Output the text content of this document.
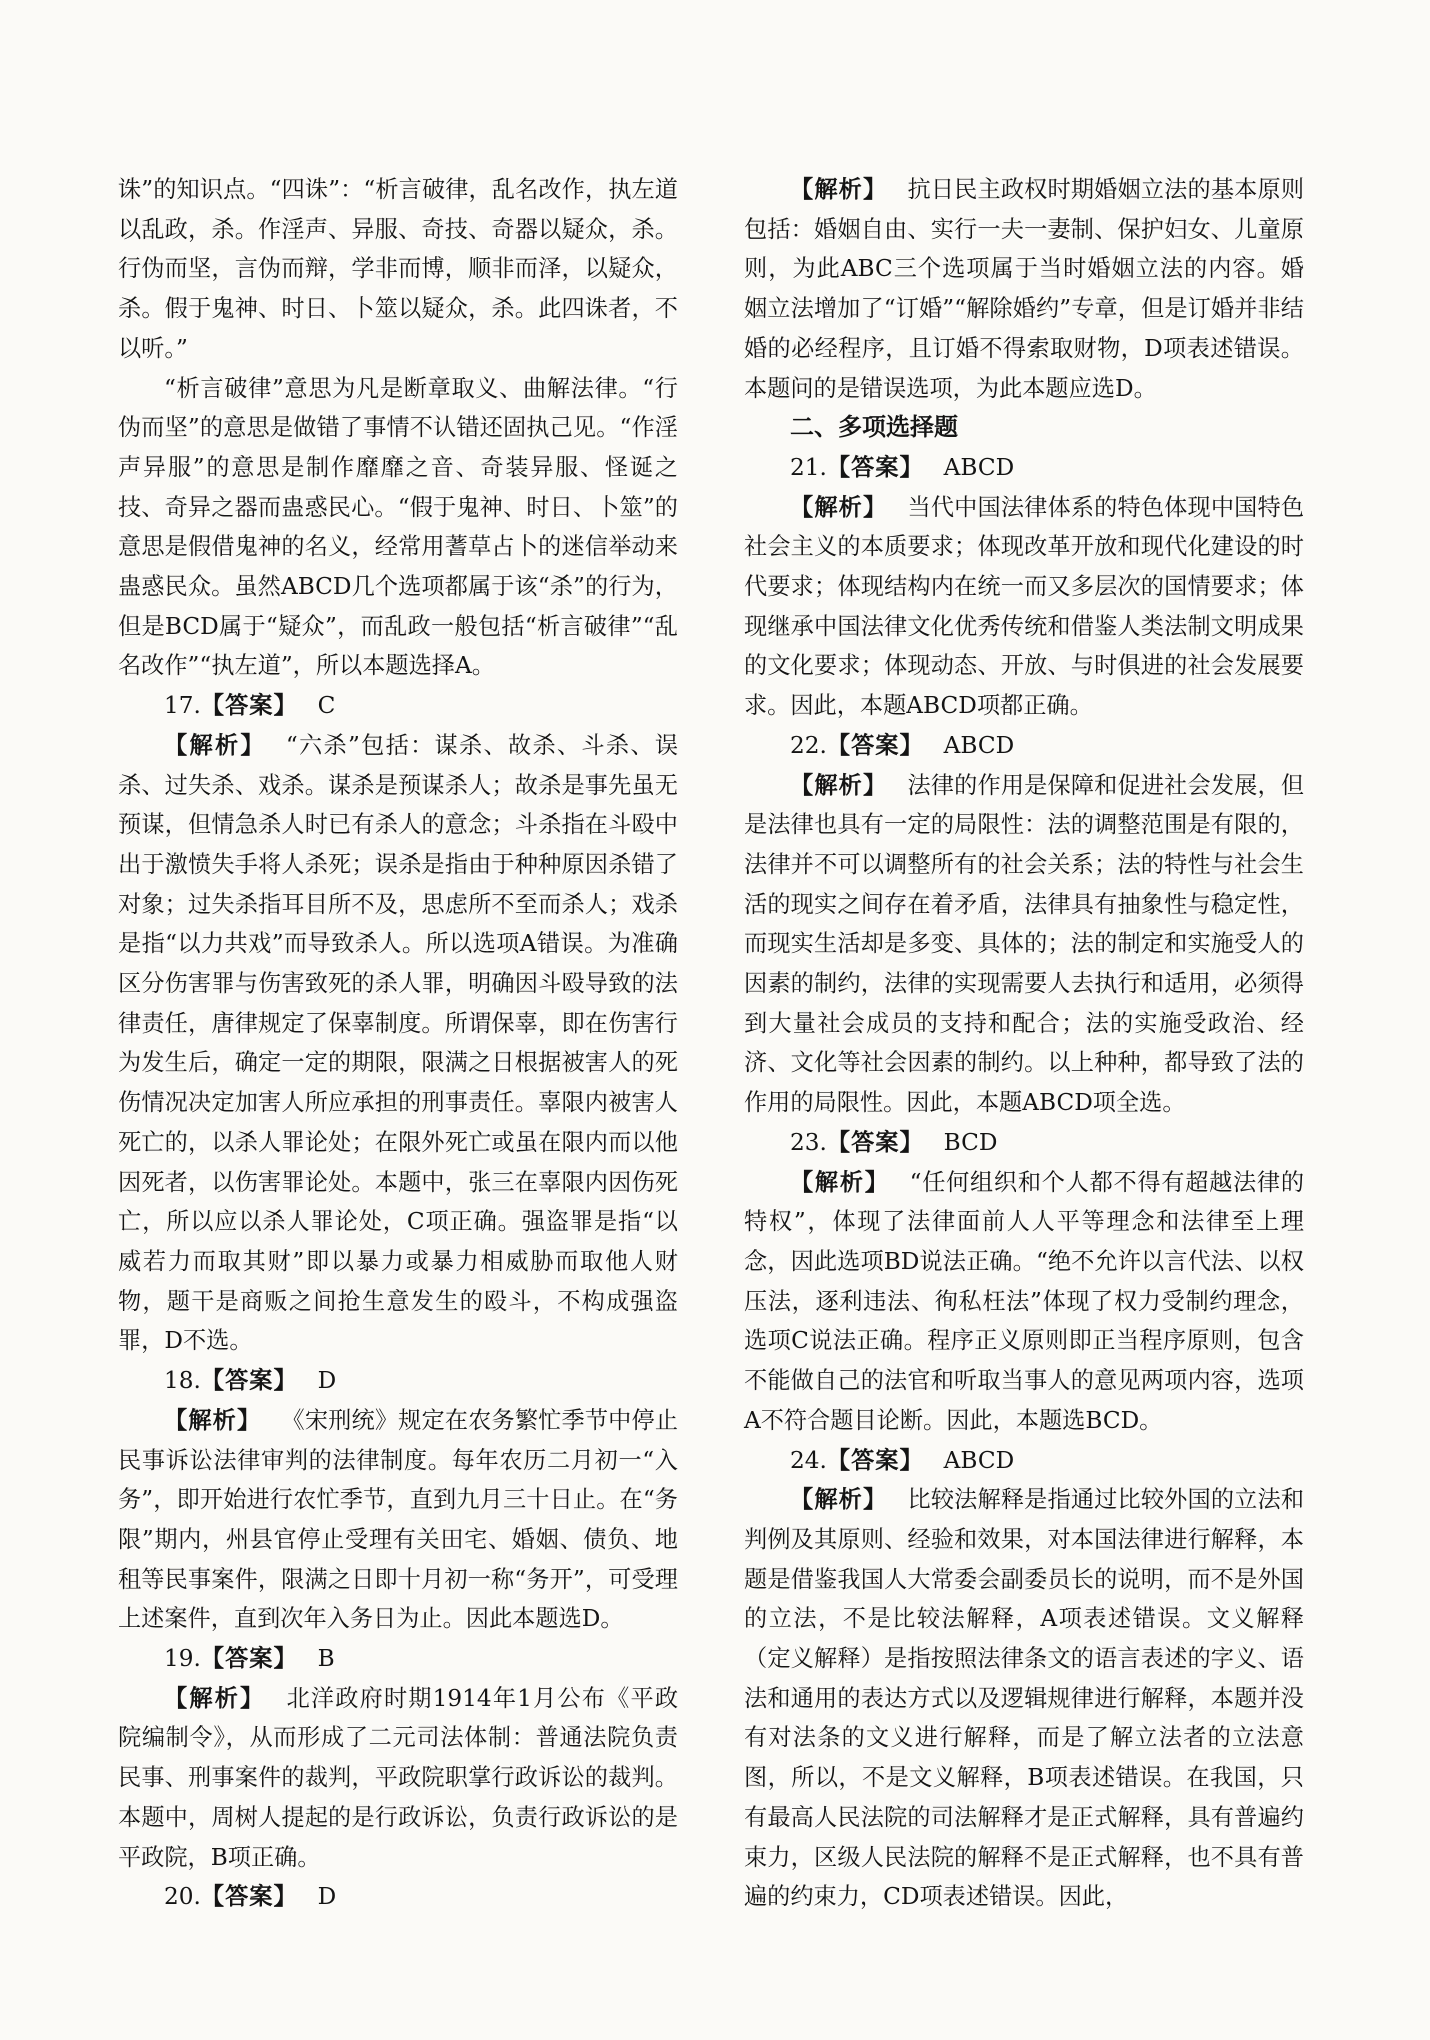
诛”的知识点。“四诛”：“析言破律，乱名改作，执左道以乱政，杀。作淫声、异服、奇技、奇器以疑众，杀。行伪而坚，言伪而辩，学非而博，顺非而泽，以疑众，杀。假于鬼神、时日、卜筮以疑众，杀。此四诛者，不以听。”

“析言破律”意思为凡是断章取义、曲解法律。“行伪而坚”的意思是做错了事情不认错还固执己见。“作淫声异服”的意思是制作靡靡之音、奇装异服、怪诞之技、奇异之器而蛊惑民心。“假于鬼神、时日、卜筮”的意思是假借鬼神的名义，经常用蓍草占卜的迷信举动来蛊惑民众。虽然ABCD几个选项都属于该“杀”的行为，但是BCD属于“疑众”，而乱政一般包括“析言破律”“乱名改作”“执左道”，所以本题选择A。

17.【答案】 C

【解析】 “六杀”包括：谋杀、故杀、斗杀、误杀、过失杀、戏杀。谋杀是预谋杀人；故杀是事先虽无预谋，但情急杀人时已有杀人的意念；斗杀指在斗殴中出于激愤失手将人杀死；误杀是指由于种种原因杀错了对象；过失杀指耳目所不及，思虑所不至而杀人；戏杀是指“以力共戏”而导致杀人。所以选项A错误。为准确区分伤害罪与伤害致死的杀人罪，明确因斗殴导致的法律责任，唐律规定了保辜制度。所谓保辜，即在伤害行为发生后，确定一定的期限，限满之日根据被害人的死伤情况决定加害人所应承担的刑事责任。辜限内被害人死亡的，以杀人罪论处；在限外死亡或虽在限内而以他因死者，以伤害罪论处。本题中，张三在辜限内因伤死亡，所以应以杀人罪论处，C项正确。强盗罪是指“以威若力而取其财”即以暴力或暴力相威胁而取他人财物，题干是商贩之间抢生意发生的殴斗，不构成强盗罪，D不选。

18.【答案】 D

【解析】 《宋刑统》规定在农务繁忙季节中停止民事诉讼法律审判的法律制度。每年农历二月初一“入务”，即开始进行农忙季节，直到九月三十日止。在“务限”期内，州县官停止受理有关田宅、婚姻、债负、地租等民事案件，限满之日即十月初一称“务开”，可受理上述案件，直到次年入务日为止。因此本题选D。

19.【答案】 B

【解析】 北洋政府时期1914年1月公布《平政院编制令》，从而形成了二元司法体制：普通法院负责民事、刑事案件的裁判，平政院职掌行政诉讼的裁判。本题中，周树人提起的是行政诉讼，负责行政诉讼的是平政院，B项正确。

20.【答案】 D

【解析】 抗日民主政权时期婚姻立法的基本原则包括：婚姻自由、实行一夫一妻制、保护妇女、儿童原则，为此ABC三个选项属于当时婚姻立法的内容。婚姻立法增加了“订婚”“解除婚约”专章，但是订婚并非结婚的必经程序，且订婚不得索取财物，D项表述错误。本题问的是错误选项，为此本题应选D。

二、多项选择题

21.【答案】 ABCD

【解析】 当代中国法律体系的特色体现中国特色社会主义的本质要求；体现改革开放和现代化建设的时代要求；体现结构内在统一而又多层次的国情要求；体现继承中国法律文化优秀传统和借鉴人类法制文明成果的文化要求；体现动态、开放、与时俱进的社会发展要求。因此，本题ABCD项都正确。

22.【答案】 ABCD

【解析】 法律的作用是保障和促进社会发展，但是法律也具有一定的局限性：法的调整范围是有限的，法律并不可以调整所有的社会关系；法的特性与社会生活的现实之间存在着矛盾，法律具有抽象性与稳定性，而现实生活却是多变、具体的；法的制定和实施受人的因素的制约，法律的实现需要人去执行和适用，必须得到大量社会成员的支持和配合；法的实施受政治、经济、文化等社会因素的制约。以上种种，都导致了法的作用的局限性。因此，本题ABCD项全选。

23.【答案】 BCD

【解析】 “任何组织和个人都不得有超越法律的特权”，体现了法律面前人人平等理念和法律至上理念，因此选项BD说法正确。“绝不允许以言代法、以权压法，逐利违法、徇私枉法”体现了权力受制约理念，选项C说法正确。程序正义原则即正当程序原则，包含不能做自己的法官和听取当事人的意见两项内容，选项A不符合题目论断。因此，本题选BCD。

24.【答案】 ABCD

【解析】 比较法解释是指通过比较外国的立法和判例及其原则、经验和效果，对本国法律进行解释，本题是借鉴我国人大常委会副委员长的说明，而不是外国的立法，不是比较法解释，A项表述错误。文义解释（定义解释）是指按照法律条文的语言表述的字义、语法和通用的表达方式以及逻辑规律进行解释，本题并没有对法条的文义进行解释，而是了解立法者的立法意图，所以，不是文义解释，B项表述错误。在我国，只有最高人民法院的司法解释才是正式解释，具有普遍约束力，区级人民法院的解释不是正式解释，也不具有普遍的约束力，CD项表述错误。因此，
